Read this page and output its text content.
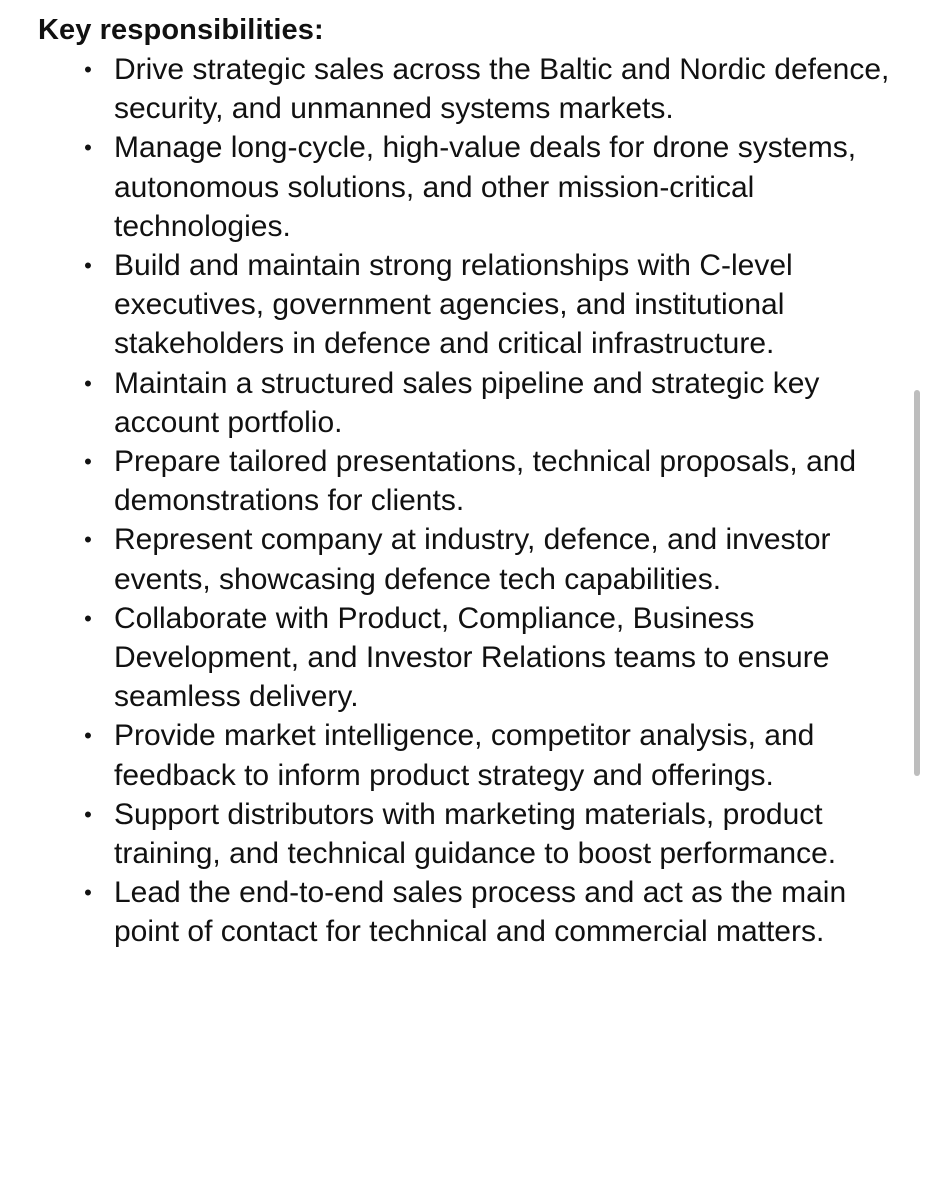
Key responsibilities:
• Drive strategic sales across the Baltic and Nordic defence, security, and unmanned systems markets.
• Manage long-cycle, high-value deals for drone systems, autonomous solutions, and other mission-critical technologies.
• Build and maintain strong relationships with C-level executives, government agencies, and institutional stakeholders in defence and critical infrastructure.
• Maintain a structured sales pipeline and strategic key account portfolio.
• Prepare tailored presentations, technical proposals, and demonstrations for clients.
• Represent company at industry, defence, and investor events, showcasing defence tech capabilities.
• Collaborate with Product, Compliance, Business Development, and Investor Relations teams to ensure seamless delivery.
• Provide market intelligence, competitor analysis, and feedback to inform product strategy and offerings.
• Support distributors with marketing materials, product training, and technical guidance to boost performance.
• Lead the end-to-end sales process and act as the main point of contact for technical and commercial matters.
